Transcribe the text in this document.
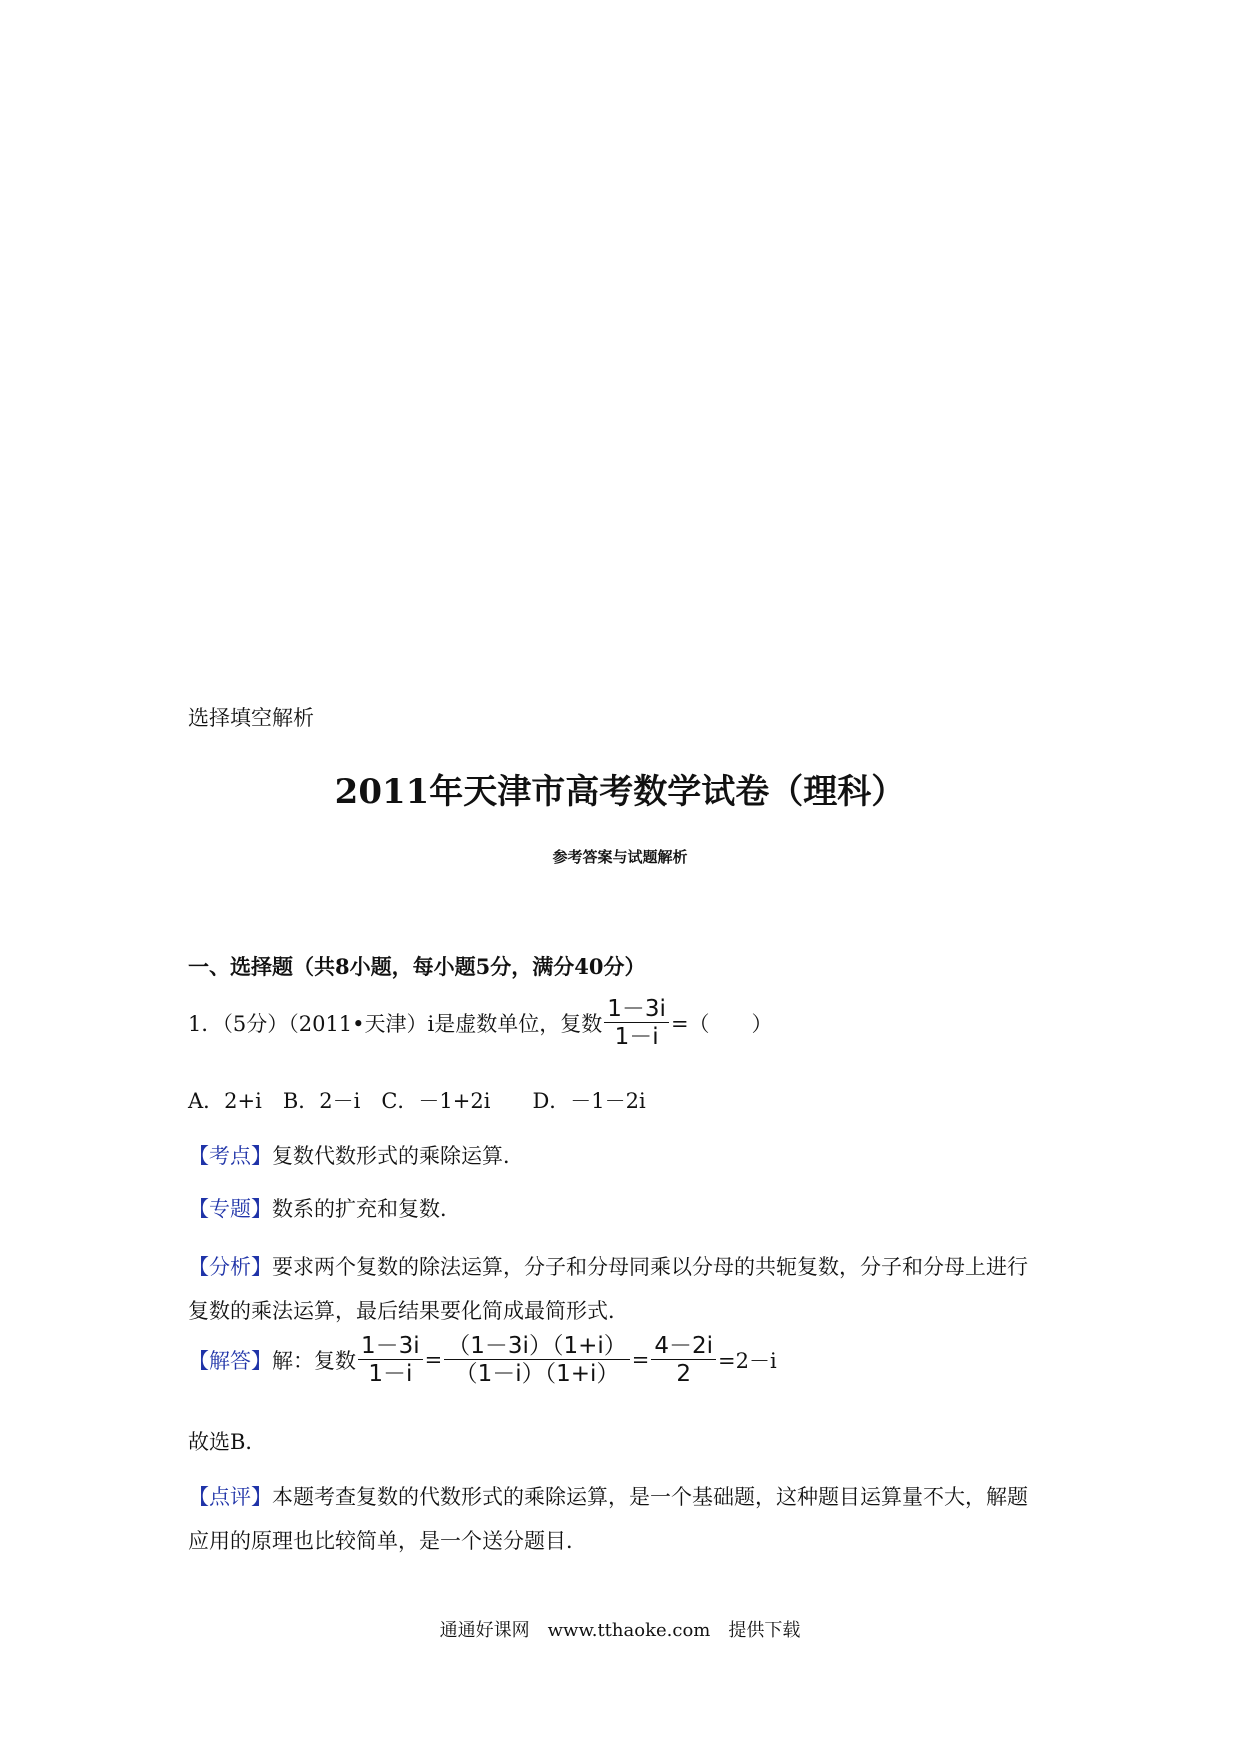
选择填空解析
2011年天津市高考数学试卷（理科）
参考答案与试题解析
一、选择题（共8小题，每小题5分，满分40分）
1．（5分）（2011•天津）i是虚数单位，复数 $\frac{1-3i}{1-i}$ =（　　）
A．2+i　B．2－i　C．－1+2i　　D．－1－2i
【考点】复数代数形式的乘除运算．
【专题】数系的扩充和复数．
【分析】要求两个复数的除法运算，分子和分母同乘以分母的共轭复数，分子和分母上进行
复数的乘法运算，最后结果要化简成最简形式．
【解答】 解：复数 $\frac{1-3i}{1-i} = \frac{(1-3i)(1+i)}{(1-i)(1+i)} = \frac{4-2i}{2} =2-i$
故选B．
【点评】本题考查复数的代数形式的乘除运算，是一个基础题，这种题目运算量不大，解题
应用的原理也比较简单，是一个送分题目．
通通好课网　www.tthaoke.com　提供下载
